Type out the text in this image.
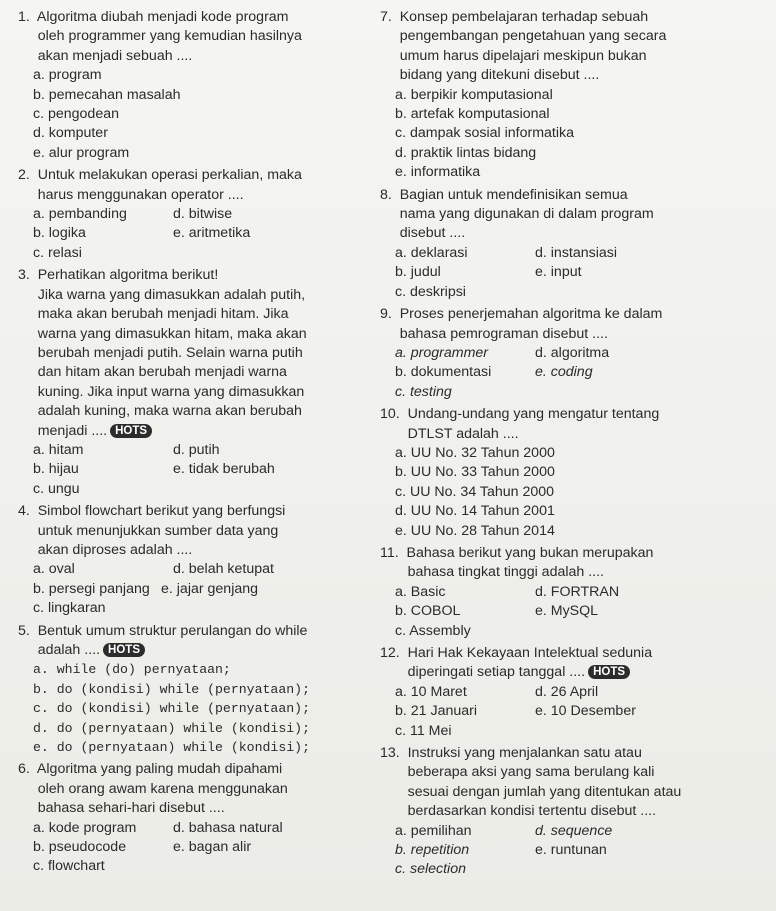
1.  Algoritma diubah menjadi kode program
oleh programmer yang kemudian hasilnya
akan menjadi sebuah ....
a. program
b. pemecahan masalah
c. pengodean
d. komputer
e. alur program
2.  Untuk melakukan operasi perkalian, maka
harus menggunakan operator ....
a. pembanding	d. bitwise
b. logika	e. aritmetika
c. relasi
3.  Perhatikan algoritma berikut!
Jika warna yang dimasukkan adalah putih,
maka akan berubah menjadi hitam. Jika
warna yang dimasukkan hitam, maka akan
berubah menjadi putih. Selain warna putih
dan hitam akan berubah menjadi warna
kuning. Jika input warna yang dimasukkan
adalah kuning, maka warna akan berubah
menjadi .... HOTS
a. hitam	d. putih
b. hijau	e. tidak berubah
c. ungu
4.  Simbol flowchart berikut yang berfungsi
untuk menunjukkan sumber data yang
akan diproses adalah ....
a. oval	d. belah ketupat
b. persegi panjang e. jajar genjang
c. lingkaran
5.  Bentuk umum struktur perulangan do while
adalah .... HOTS
a. while (do) pernyataan;
b. do (kondisi) while (pernyataan);
c. do (kondisi) while (pernyataan);
d. do (pernyataan) while (kondisi);
e. do (pernyataan) while (kondisi);
6.  Algoritma yang paling mudah dipahami
oleh orang awam karena menggunakan
bahasa sehari-hari disebut ....
a. kode program	d. bahasa natural
b. pseudocode	e. bagan alir
c. flowchart
7.  Konsep pembelajaran terhadap sebuah
pengembangan pengetahuan yang secara
umum harus dipelajari meskipun bukan
bidang yang ditekuni disebut ....
a. berpikir komputasional
b. artefak komputasional
c. dampak sosial informatika
d. praktik lintas bidang
e. informatika
8.  Bagian untuk mendefinisikan semua
nama yang digunakan di dalam program
disebut ....
a. deklarasi	d. instansiasi
b. judul	e. input
c. deskripsi
9.  Proses penerjemahan algoritma ke dalam
bahasa pemrograman disebut ....
a. programmer	d. algoritma
b. dokumentasi	e. coding
c. testing
10.  Undang-undang yang mengatur tentang
DTLST adalah ....
a. UU No. 32 Tahun 2000
b. UU No. 33 Tahun 2000
c. UU No. 34 Tahun 2000
d. UU No. 14 Tahun 2001
e. UU No. 28 Tahun 2014
11.  Bahasa berikut yang bukan merupakan
bahasa tingkat tinggi adalah ....
a. Basic	d. FORTRAN
b. COBOL	e. MySQL
c. Assembly
12.  Hari Hak Kekayaan Intelektual sedunia
diperingati setiap tanggal .... HOTS
a. 10 Maret	d. 26 April
b. 21 Januari	e. 10 Desember
c. 11 Mei
13.  Instruksi yang menjalankan satu atau
beberapa aksi yang sama berulang kali
sesuai dengan jumlah yang ditentukan atau
berdasarkan kondisi tertentu disebut ....
a. pemilihan	d. sequence
b. repetition	e. runtunan
c. selection
